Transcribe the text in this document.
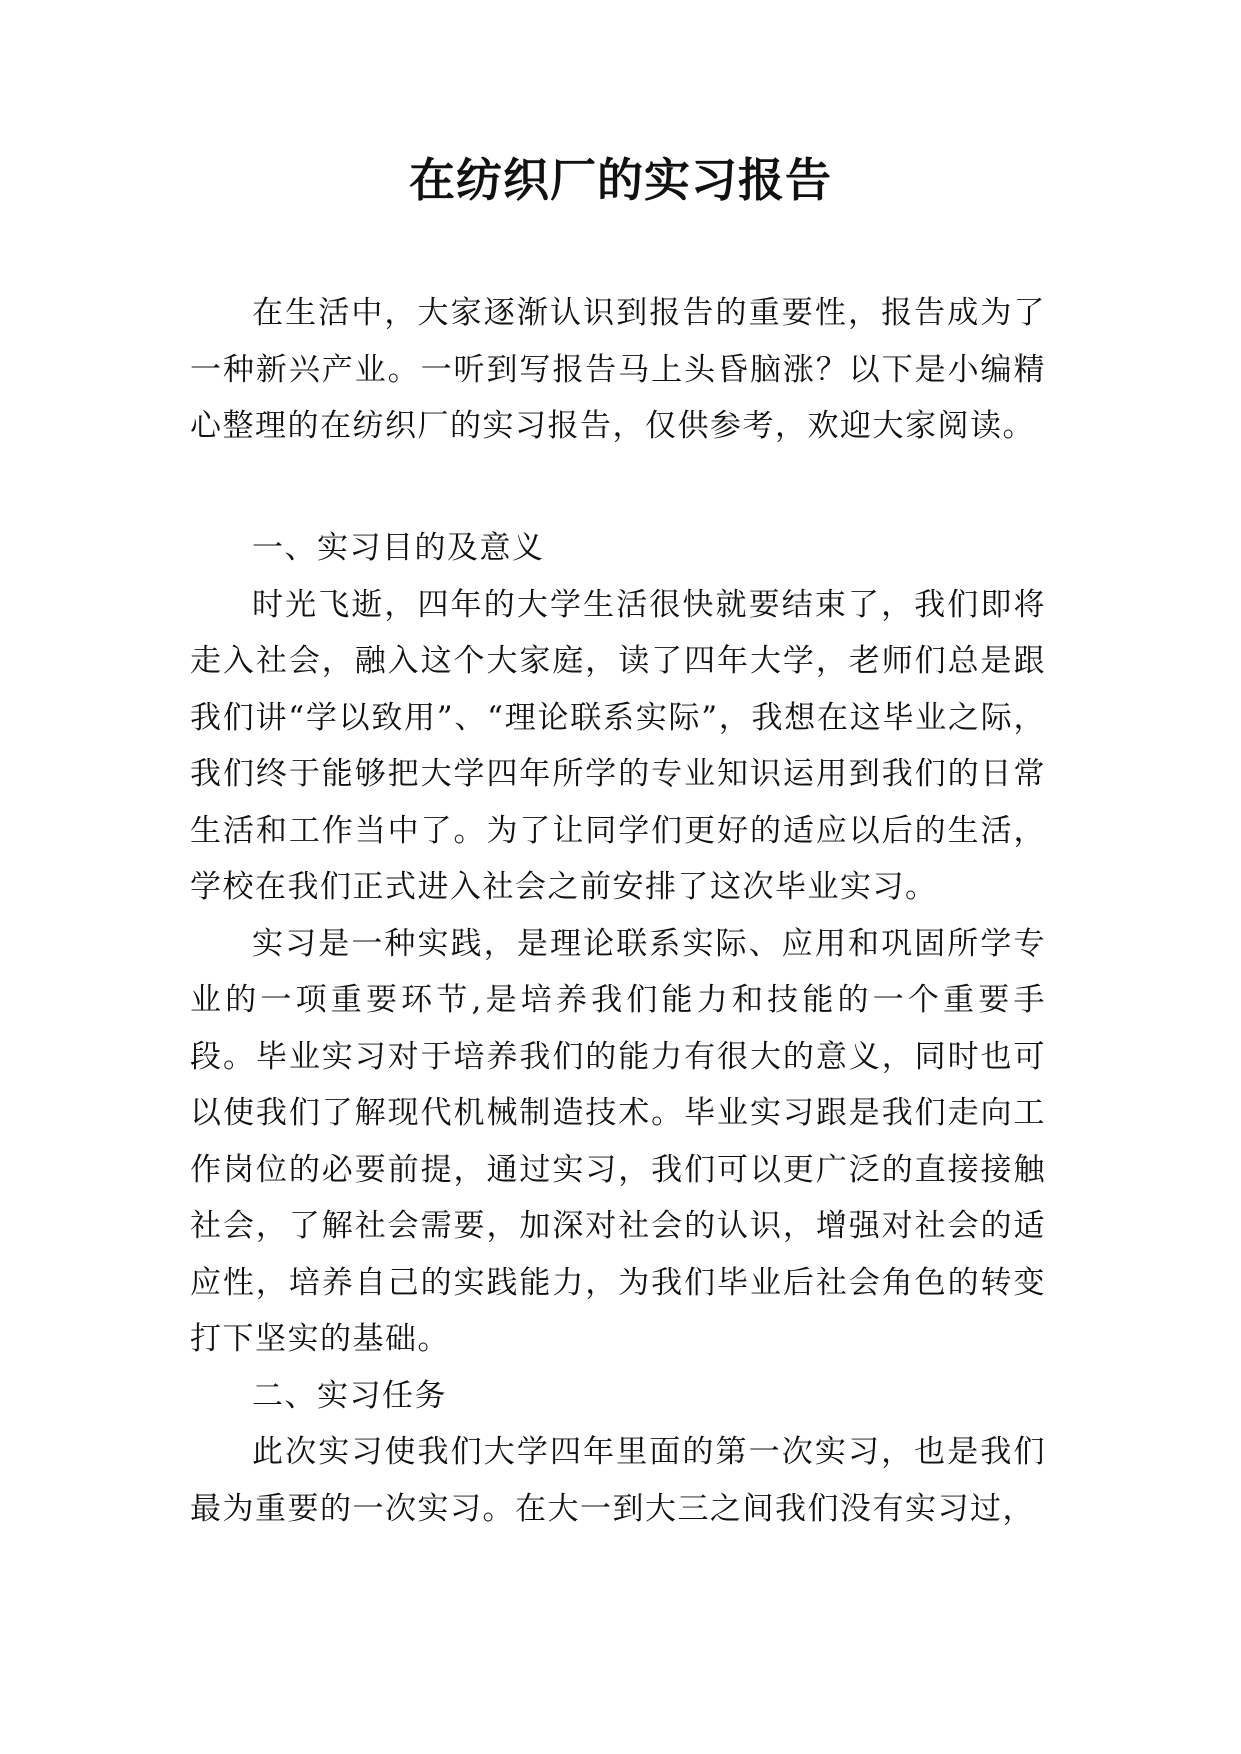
在纺织厂的实习报告

在生活中，大家逐渐认识到报告的重要性，报告成为了一种新兴产业。一听到写报告马上头昏脑涨？以下是小编精心整理的在纺织厂的实习报告，仅供参考，欢迎大家阅读。

一、实习目的及意义

时光飞逝，四年的大学生活很快就要结束了，我们即将走入社会，融入这个大家庭，读了四年大学，老师们总是跟我们讲“学以致用”、“理论联系实际”，我想在这毕业之际，我们终于能够把大学四年所学的专业知识运用到我们的日常生活和工作当中了。为了让同学们更好的适应以后的生活，学校在我们正式进入社会之前安排了这次毕业实习。

实习是一种实践，是理论联系实际、应用和巩固所学专业的一项重要环节,是培养我们能力和技能的一个重要手段。毕业实习对于培养我们的能力有很大的意义，同时也可以使我们了解现代机械制造技术。毕业实习跟是我们走向工作岗位的必要前提，通过实习，我们可以更广泛的直接接触社会，了解社会需要，加深对社会的认识，增强对社会的适应性，培养自己的实践能力，为我们毕业后社会角色的转变打下坚实的基础。

二、实习任务

此次实习使我们大学四年里面的第一次实习，也是我们最为重要的一次实习。在大一到大三之间我们没有实习过，
